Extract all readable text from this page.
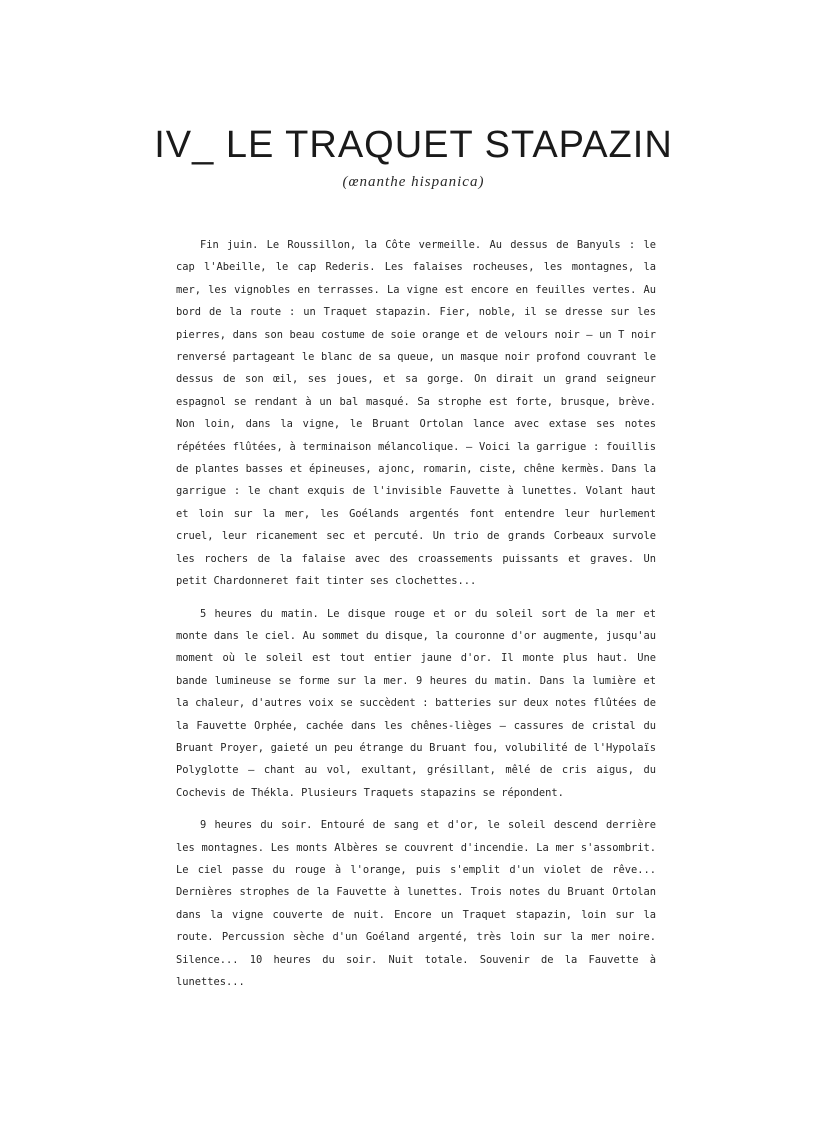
IV_ LE TRAQUET STAPAZIN

(œnanthe hispanica)

Fin juin. Le Roussillon, la Côte vermeille. Au dessus de Banyuls : le cap l'Abeille, le cap Rederis. Les falaises rocheuses, les montagnes, la mer, les vignobles en terrasses. La vigne est encore en feuilles vertes. Au bord de la route : un Traquet stapazin. Fier, noble, il se dresse sur les pierres, dans son beau costume de soie orange et de velours noir — un T noir renversé partageant le blanc de sa queue, un masque noir profond couvrant le dessus de son œil, ses joues, et sa gorge. On dirait un grand seigneur espagnol se rendant à un bal masqué. Sa strophe est forte, brusque, brève. Non loin, dans la vigne, le Bruant Ortolan lance avec extase ses notes répétées flûtées, à terminaison mélancolique. — Voici la garrigue : fouillis de plantes basses et épineuses, ajonc, romarin, ciste, chêne kermès. Dans la garrigue : le chant exquis de l'invisible Fauvette à lunettes. Volant haut et loin sur la mer, les Goélands argentés font entendre leur hurlement cruel, leur ricanement sec et percuté. Un trio de grands Corbeaux survole les rochers de la falaise avec des croassements puissants et graves. Un petit Chardonneret fait tinter ses clochettes...

5 heures du matin. Le disque rouge et or du soleil sort de la mer et monte dans le ciel. Au sommet du disque, la couronne d'or augmente, jusqu'au moment où le soleil est tout entier jaune d'or. Il monte plus haut. Une bande lumineuse se forme sur la mer. 9 heures du matin. Dans la lumière et la chaleur, d'autres voix se succèdent : batteries sur deux notes flûtées de la Fauvette Orphée, cachée dans les chênes-lièges — cassures de cristal du Bruant Proyer, gaieté un peu étrange du Bruant fou, volubilité de l'Hypolaïs Polyglotte — chant au vol, exultant, grésillant, mêlé de cris aigus, du Cochevis de Thékla. Plusieurs Traquets stapazins se répondent.

9 heures du soir. Entouré de sang et d'or, le soleil descend derrière les montagnes. Les monts Albères se couvrent d'incendie. La mer s'assombrit. Le ciel passe du rouge à l'orange, puis s'emplit d'un violet de rêve... Dernières strophes de la Fauvette à lunettes. Trois notes du Bruant Ortolan dans la vigne couverte de nuit. Encore un Traquet stapazin, loin sur la route. Percussion sèche d'un Goéland argenté, très loin sur la mer noire. Silence... 10 heures du soir. Nuit totale. Souvenir de la Fauvette à lunettes...
